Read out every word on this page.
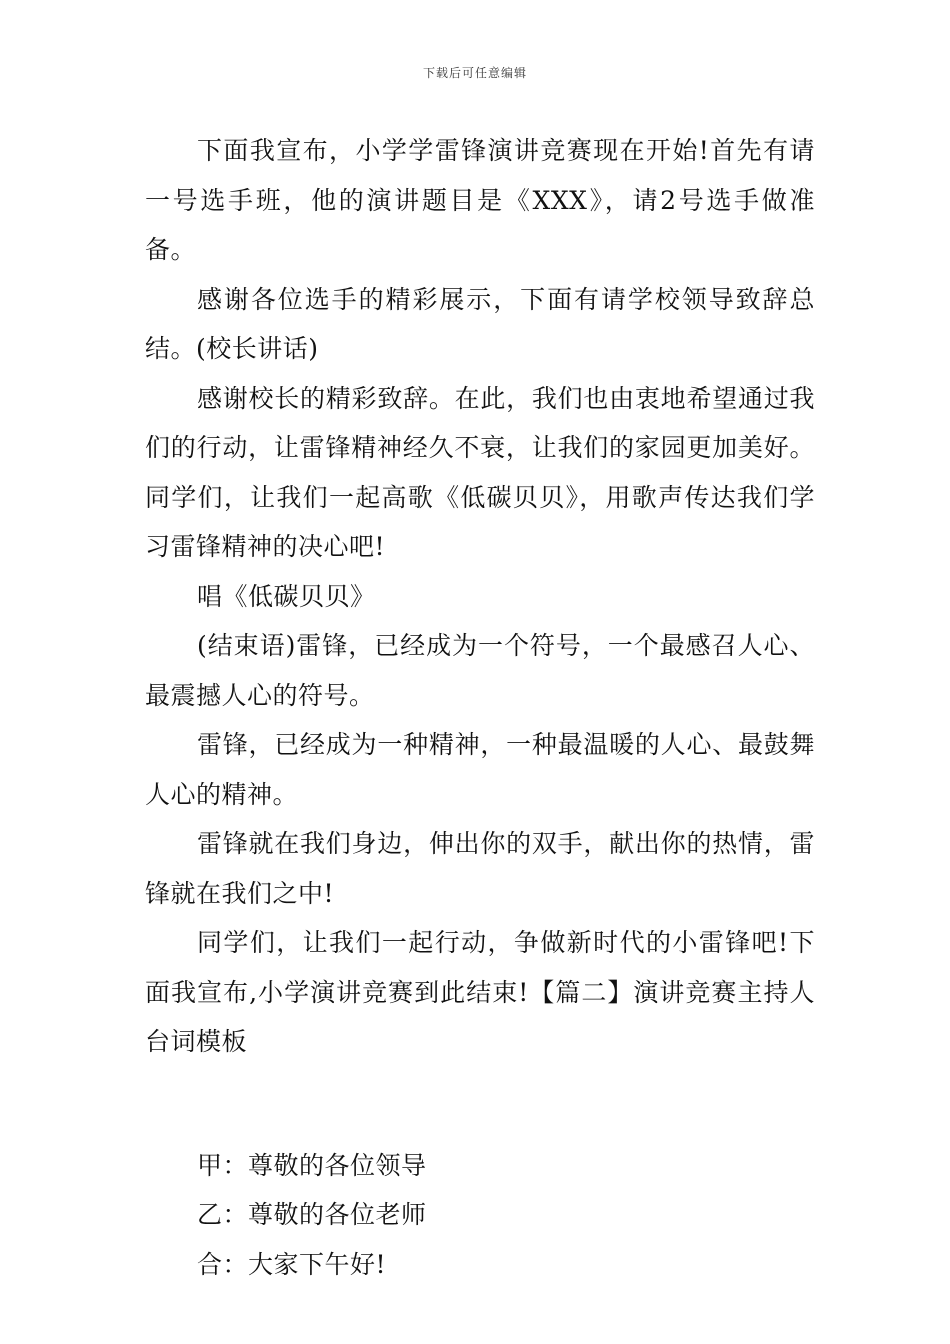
下载后可任意编辑

下面我宣布，小学学雷锋演讲竞赛现在开始!首先有请一号选手班，他的演讲题目是《XXX》，请2号选手做准备。

感谢各位选手的精彩展示，下面有请学校领导致辞总结。(校长讲话)

感谢校长的精彩致辞。在此，我们也由衷地希望通过我们的行动，让雷锋精神经久不衰，让我们的家园更加美好。同学们，让我们一起高歌《低碳贝贝》，用歌声传达我们学习雷锋精神的决心吧!

唱《低碳贝贝》

(结束语)雷锋，已经成为一个符号，一个最感召人心、最震撼人心的符号。

雷锋，已经成为一种精神，一种最温暖的人心、最鼓舞人心的精神。

雷锋就在我们身边，伸出你的双手，献出你的热情，雷锋就在我们之中!

同学们，让我们一起行动，争做新时代的小雷锋吧!下面我宣布,小学演讲竞赛到此结束!【篇二】演讲竞赛主持人台词模板

甲：尊敬的各位领导

乙：尊敬的各位老师

合：大家下午好!
